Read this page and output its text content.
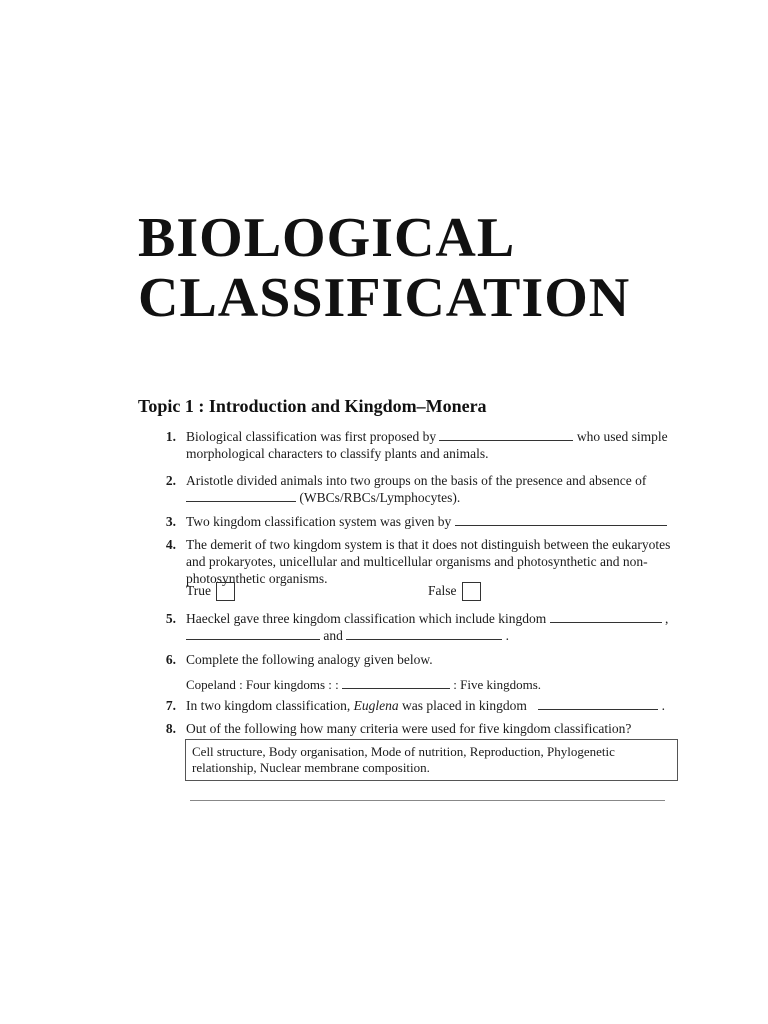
BIOLOGICAL
CLASSIFICATION
Topic 1 : Introduction and Kingdom–Monera
1. Biological classification was first proposed by	who used simple morphological characters to classify plants and animals.
2. Aristotle divided animals into two groups on the basis of the presence and absence of
(WBCs/RBCs/Lymphocytes).
3. Two kingdom classification system was given by
4. The demerit of two kingdom system is that it does not distinguish between the eukaryotes and prokaryotes, unicellular and multicellular organisms and photosynthetic and non-photosynthetic organisms.
True	False
5. Haeckel gave three kingdom classification which include kingdom	,
and	.
6. Complete the following analogy given below.
Copeland : Four kingdoms : :	: Five kingdoms.
7. In two kingdom classification, Euglena was placed in kingdom	.
8. Out of the following how many criteria were used for five kingdom classification?
Cell structure, Body organisation, Mode of nutrition, Reproduction, Phylogenetic relationship, Nuclear membrane composition.
